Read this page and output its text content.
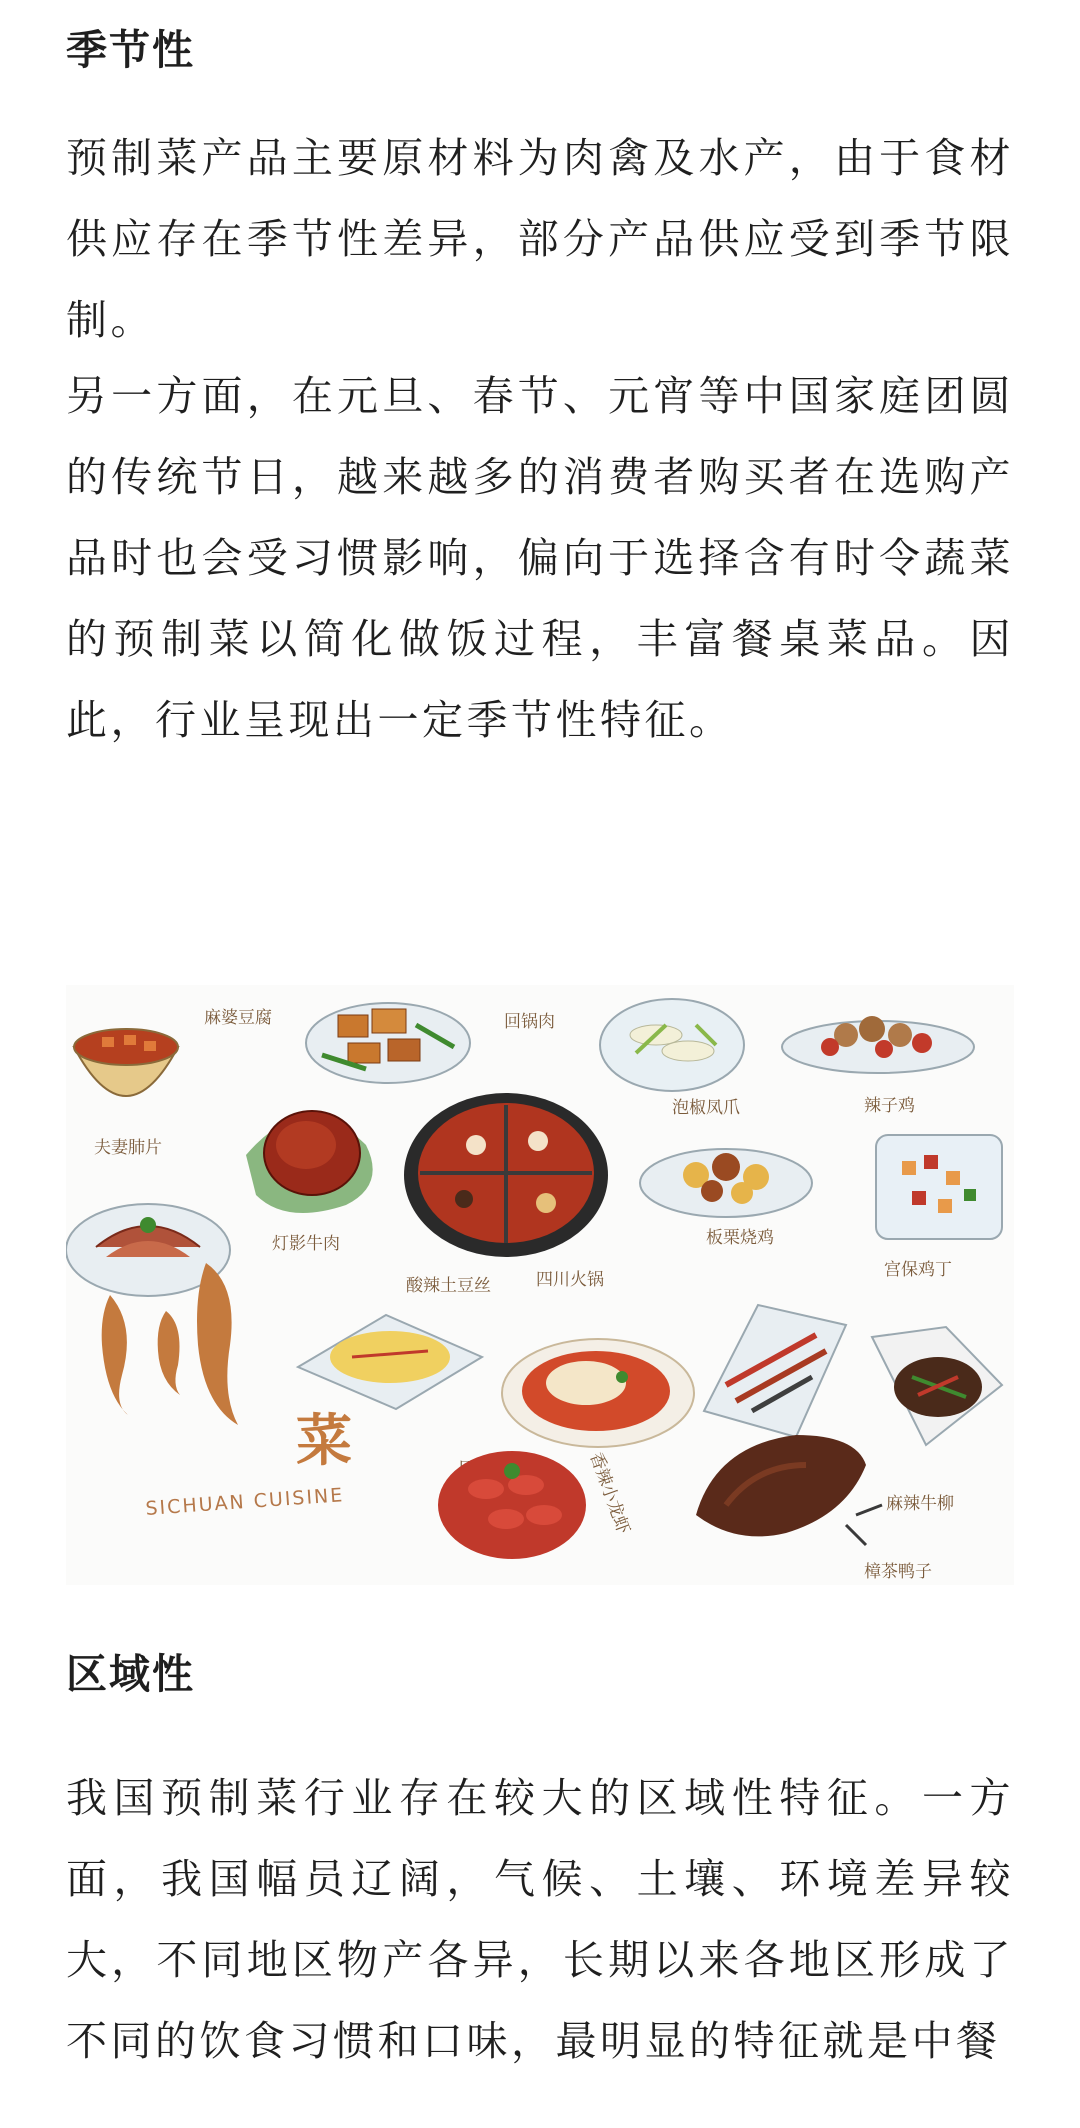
季节性
预制菜产品主要原材料为肉禽及水产，由于食材供应存在季节性差异，部分产品供应受到季节限制。
另一方面，在元旦、春节、元宵等中国家庭团圆的传统节日，越来越多的消费者购买者在选购产品时也会受习惯影响，偏向于选择含有时令蔬菜的预制菜以简化做饭过程，丰富餐桌菜品。因此，行业呈现出一定季节性特征。
麻婆豆腐	回锅肉
泡椒凤爪	辣子鸡
夫妻肺片
灯影牛肉
四川火锅
板栗烧鸡
宫保鸡丁
酸辣土豆丝
麻辣牛柳
菜
SICHUAN CUISINE	香辣小龙虾
樟茶鸭子
区域性
我国预制菜行业存在较大的区域性特征。一方面，我国幅员辽阔，气候、土壤、环境差异较大，不同地区物产各异，长期以来各地区形成了不同的饮食习惯和口味，最明显的特征就是中餐
